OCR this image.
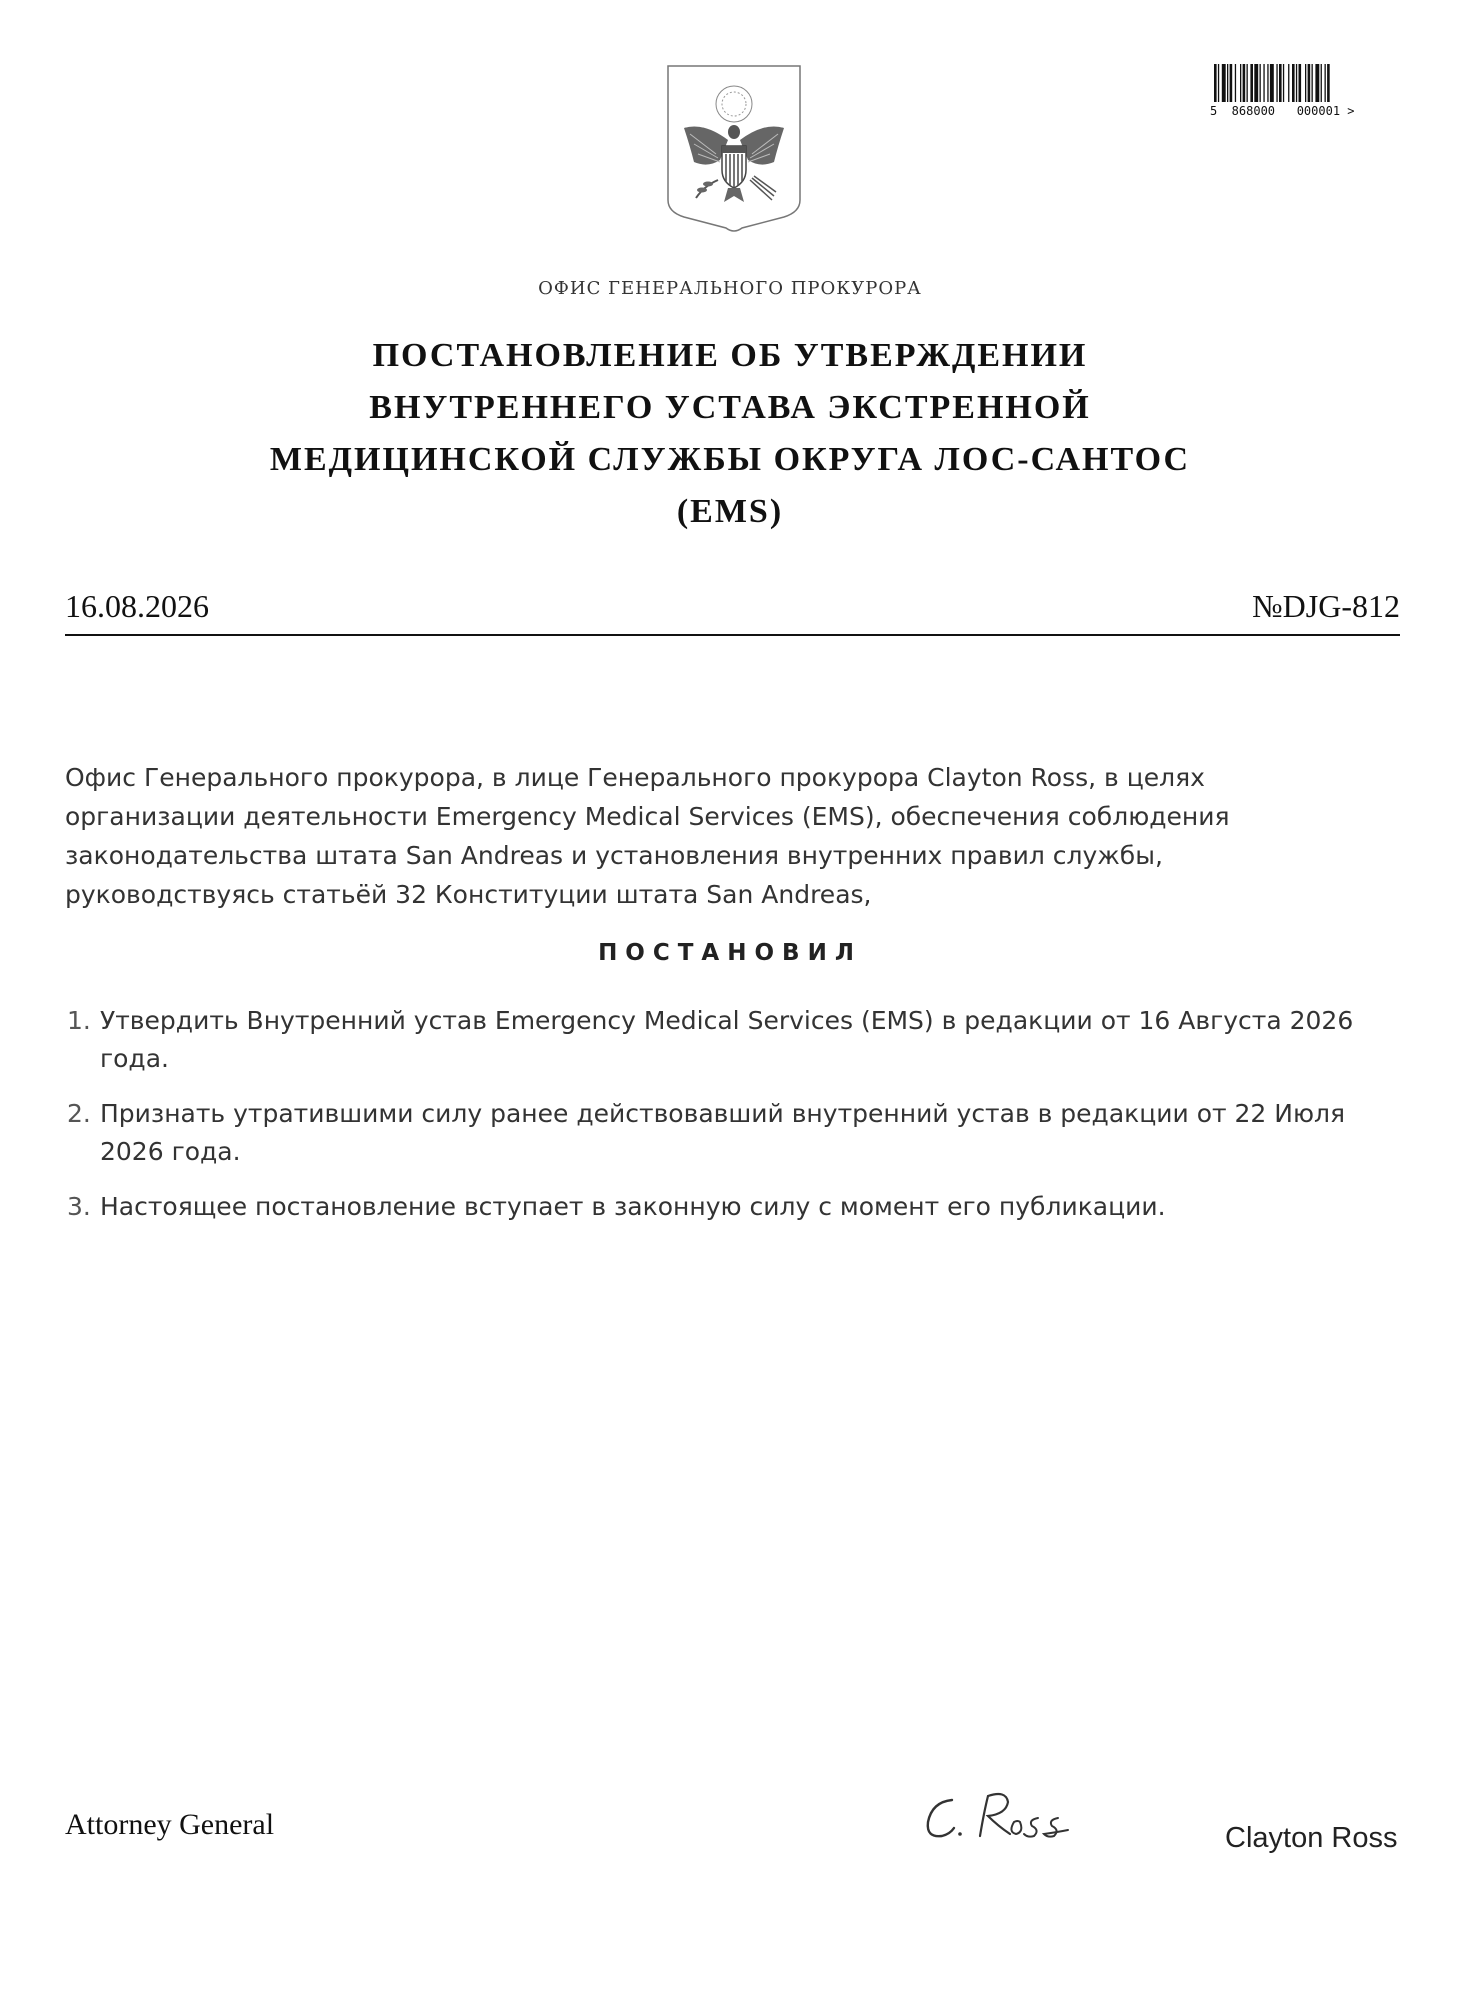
5  868000   000001 >
ОФИС ГЕНЕРАЛЬНОГО ПРОКУРОРА
ПОСТАНОВЛЕНИЕ ОБ УТВЕРЖДЕНИИ
ВНУТРЕННЕГО УСТАВА ЭКСТРЕННОЙ
МЕДИЦИНСКОЙ СЛУЖБЫ ОКРУГА ЛОС-САНТОС
(EMS)
16.08.2026	№DJG-812
Офис Генерального прокурора, в лице Генерального прокурора Clayton Ross, в целях
организации деятельности Emergency Medical Services (EMS), обеспечения соблюдения
законодательства штата San Andreas и установления внутренних правил службы,
руководствуясь статьёй 32 Конституции штата San Andreas,
ПОСТАНОВИЛ
1. Утвердить Внутренний устав Emergency Medical Services (EMS) в редакции от 16 Августа 2026
года.
2. Признать утратившими силу ранее действовавший внутренний устав в редакции от 22 Июля
2026 года.
3. Настоящее постановление вступает в законную силу с момент его публикации.
Attorney General	Clayton Ross
